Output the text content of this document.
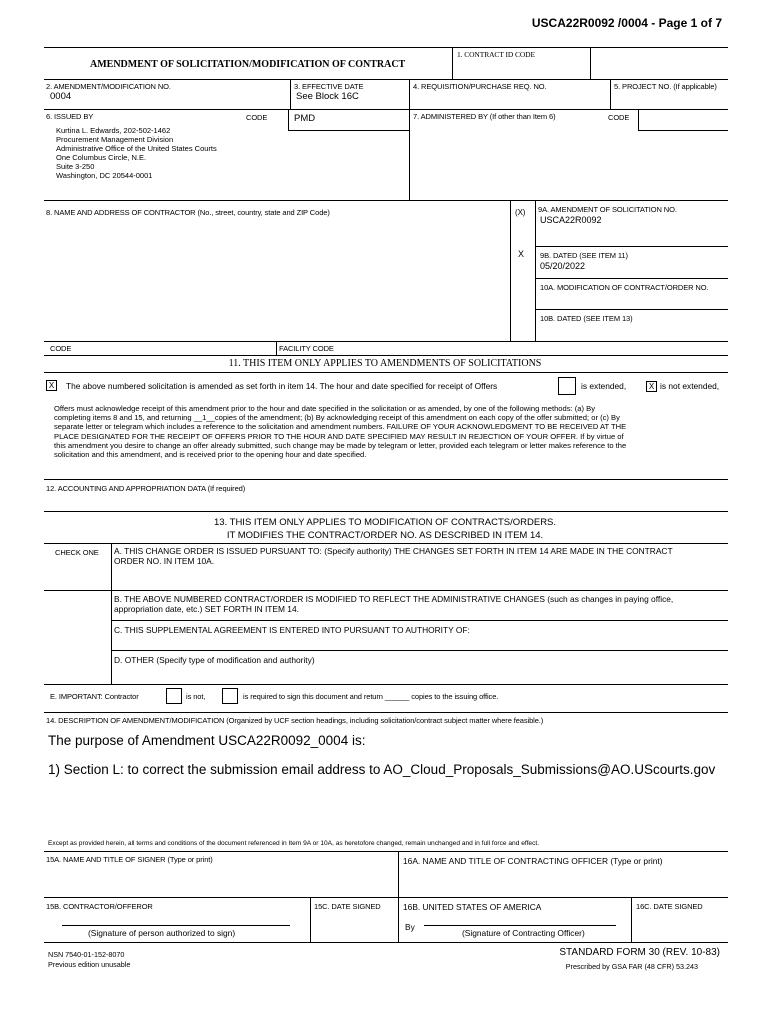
USCA22R0092 /0004 - Page 1 of 7
AMENDMENT OF SOLICITATION/MODIFICATION OF CONTRACT
1. CONTRACT ID CODE
2. AMENDMENT/MODIFICATION NO.
0004
3. EFFECTIVE DATE
See Block 16C
4. REQUISITION/PURCHASE REQ. NO.	5. PROJECT NO. (If applicable)
6. ISSUED BY	CODE	PMD	7. ADMINISTERED BY (If other than Item 6)	CODE
Kurtina L. Edwards, 202-502-1462
Procurement Management Division
Administrative Office of the United States Courts
One Columbus Circle, N.E.
Suite 3-250
Washington, DC 20544-0001
8. NAME AND ADDRESS OF CONTRACTOR (No., street, country, state and ZIP Code)	(X) 9A. AMENDMENT OF SOLICITATION NO.
USCA22R0092
X 9B. DATED (SEE ITEM 11)
05/20/2022
10A. MODIFICATION OF CONTRACT/ORDER NO.
10B. DATED (SEE ITEM 13)
CODE	FACILITY CODE
11. THIS ITEM ONLY APPLIES TO AMENDMENTS OF SOLICITATIONS
X	The above numbered solicitation is amended as set forth in item 14. The hour and date specified for receipt of Offers	is extended,	X is not extended,
Offers must acknowledge receipt of this amendment prior to the hour and date specified in the solicitation or as amended, by one of the following methods: (a) By
completing items 8 and 15, and returning __1__copies of the amendment; (b) By acknowledging receipt of this amendment on each copy of the offer submitted; or (c) By
separate letter or telegram which includes a reference to the solicitation and amendment numbers. FAILURE OF YOUR ACKNOWLEDGMENT TO BE RECEIVED AT THE
PLACE DESIGNATED FOR THE RECEIPT OF OFFERS PRIOR TO THE HOUR AND DATE SPECIFIED MAY RESULT IN REJECTION OF YOUR OFFER. If by virtue of
this amendment you desire to change an offer already submitted, such change may be made by telegram or letter, provided each telegram or letter makes reference to the
solicitation and this amendment, and is received prior to the opening hour and date specified.
12. ACCOUNTING AND APPROPRIATION DATA (If required)
13. THIS ITEM ONLY APPLIES TO MODIFICATION OF CONTRACTS/ORDERS.
IT MODIFIES THE CONTRACT/ORDER NO. AS DESCRIBED IN ITEM 14.
CHECK ONE A. THIS CHANGE ORDER IS ISSUED PURSUANT TO: (Specify authority) THE CHANGES SET FORTH IN ITEM 14 ARE MADE IN THE CONTRACT
ORDER NO. IN ITEM 10A.
B. THE ABOVE NUMBERED CONTRACT/ORDER IS MODIFIED TO REFLECT THE ADMINISTRATIVE CHANGES (such as changes in paying office,
appropriation date, etc.) SET FORTH IN ITEM 14.
C. THIS SUPPLEMENTAL AGREEMENT IS ENTERED INTO PURSUANT TO AUTHORITY OF:
D. OTHER (Specify type of modification and authority)
E. IMPORTANT: Contractor	is not,	is required to sign this document and return ______ copies to the issuing office.
14. DESCRIPTION OF AMENDMENT/MODIFICATION (Organized by UCF section headings, including solicitation/contract subject matter where feasible.)
The purpose of Amendment USCA22R0092_0004 is:
1) Section L: to correct the submission email address to AO_Cloud_Proposals_Submissions@AO.UScourts.gov
Except as provided herein, all terms and conditions of the document referenced in Item 9A or 10A, as heretofore changed, remain unchanged and in full force and effect.
15A. NAME AND TITLE OF SIGNER (Type or print)	16A. NAME AND TITLE OF CONTRACTING OFFICER (Type or print)
15B. CONTRACTOR/OFFEROR	15C. DATE SIGNED	16B. UNITED STATES OF AMERICA	16C. DATE SIGNED
(Signature of person authorized to sign)
By
(Signature of Contracting Officer)
NSN 7540-01-152-8070
Previous edition unusable
STANDARD FORM 30 (REV. 10-83)
Prescribed by GSA FAR (48 CFR) 53.243
